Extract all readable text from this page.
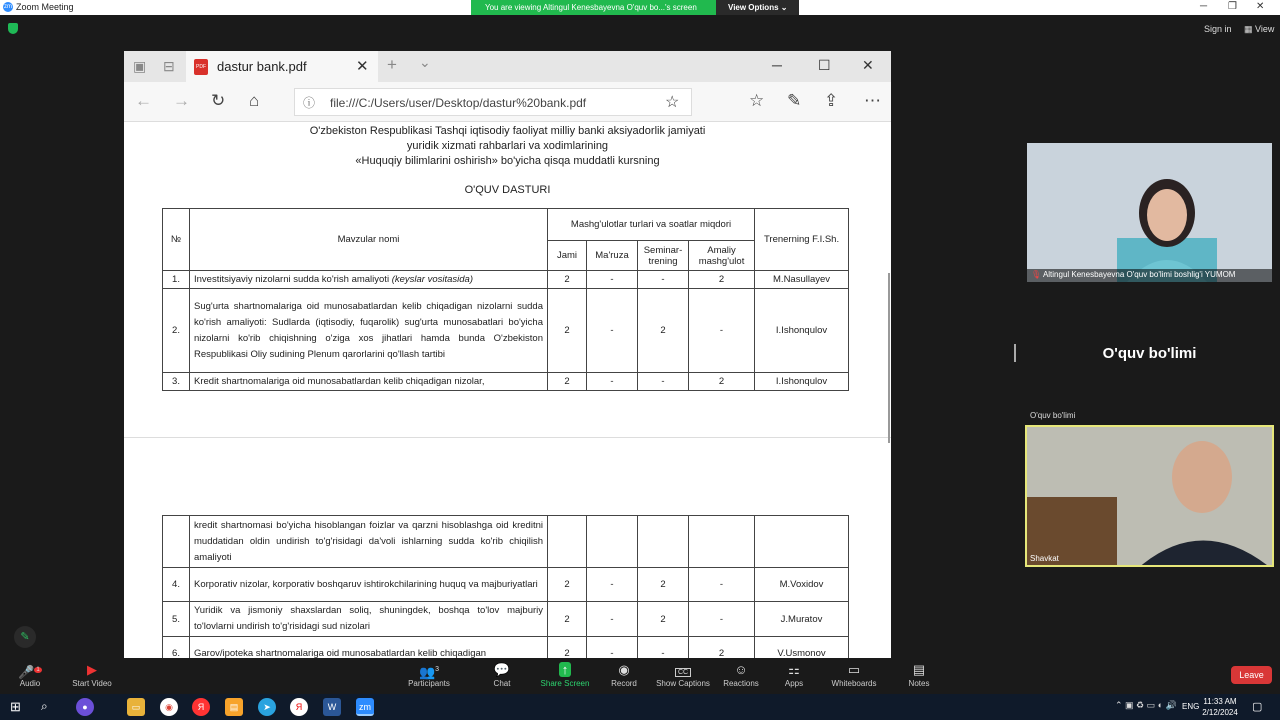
zm Zoom Meeting	─ ❐ ✕
You are viewing Altingul Kenesbayevna O'quv bo...'s screen	View Options ⌄
Sign in ▦ View
▣ ⊟	PDF dastur bank.pdf	✕ + ⌄	─	☐ ✕
← → ↻ ⌂	ⓘ file:///C:/Users/user/Desktop/dastur%20bank.pdf	☆	☆ ✎ ⇪ ⋯
O'zbekiston Respublikasi Tashqi iqtisodiy faoliyat milliy banki aksiyadorlik jamiyati
yuridik xizmati rahbarlari va xodimlarining
«Huquqiy bilimlarini oshirish» bo'yicha qisqa muddatli kursning
O'QUV DASTURI
№	Mavzular nomi	Mashg'ulotlar turlari va soatlar miqdori				Trenerning F.I.Sh.
		Jami	Ma'ruza	Seminar-trening	Amaliy mashg'ulot	
1.	Investitsiyaviy nizolarni sudda ko'rish amaliyoti (keyslar vositasida)	2	-	-	2	M.Nasullayev
2.	Sug'urta shartnomalariga oid munosabatlardan kelib chiqadigan nizolarni sudda ko'rish amaliyoti: Sudlarda (iqtisodiy, fuqarolik) sug'urta munosabatlari bo'yicha nizolarni ko'rib chiqishning o'ziga xos jihatlari hamda bunda O'zbekiston Respublikasi Oliy sudining Plenum qarorlarini qo'llash tartibi	2	-	2	-	I.Ishonqulov
3.	Kredit shartnomalariga oid munosabatlardan kelib chiqadigan nizolar,	2	-	-	2	I.Ishonqulov
	kredit shartnomasi bo'yicha hisoblangan foizlar va qarzni hisoblashga oid kreditni muddatidan oldin undirish to'g'risidagi da'voli ishlarning sudda ko'rib chiqilish amaliyoti					
4.	Korporativ nizolar, korporativ boshqaruv ishtirokchilarining huquq va majburiyatlari	2	-	2	-	M.Voxidov
5.	Yuridik va jismoniy shaxslardan soliq, shuningdek, boshqa to'lov majburiy to'lovlarni undirish to'g'risidagi sud nizolari	2	-	2	-	J.Muratov
6.	Garov/ipoteka shartnomalariga oid munosabatlardan kelib chiqadigan	2	-	-	2	V.Usmonov
🎙 Altingul Kenesbayevna O'quv bo'limi boshlig'i YUMOM
O'quv bo'limi
O'quv bo'limi
Shavkat
✎
🎤 $^1$
Audio
▶
Start Video
👥$^3$
Participants
💬
Chat
↑
Share Screen
◉
Record
CC
Show Captions
☺
Reactions
⚏
Apps
▭
Whiteboards
▤
Notes
Leave
⊞ ⌕	●	▭	◉	Я	▤	➤	Я	W	zm	⌃ ▣ ♻ ▭ ◐ 🔊 ENG	▢
11:33 AM
2/12/2024
